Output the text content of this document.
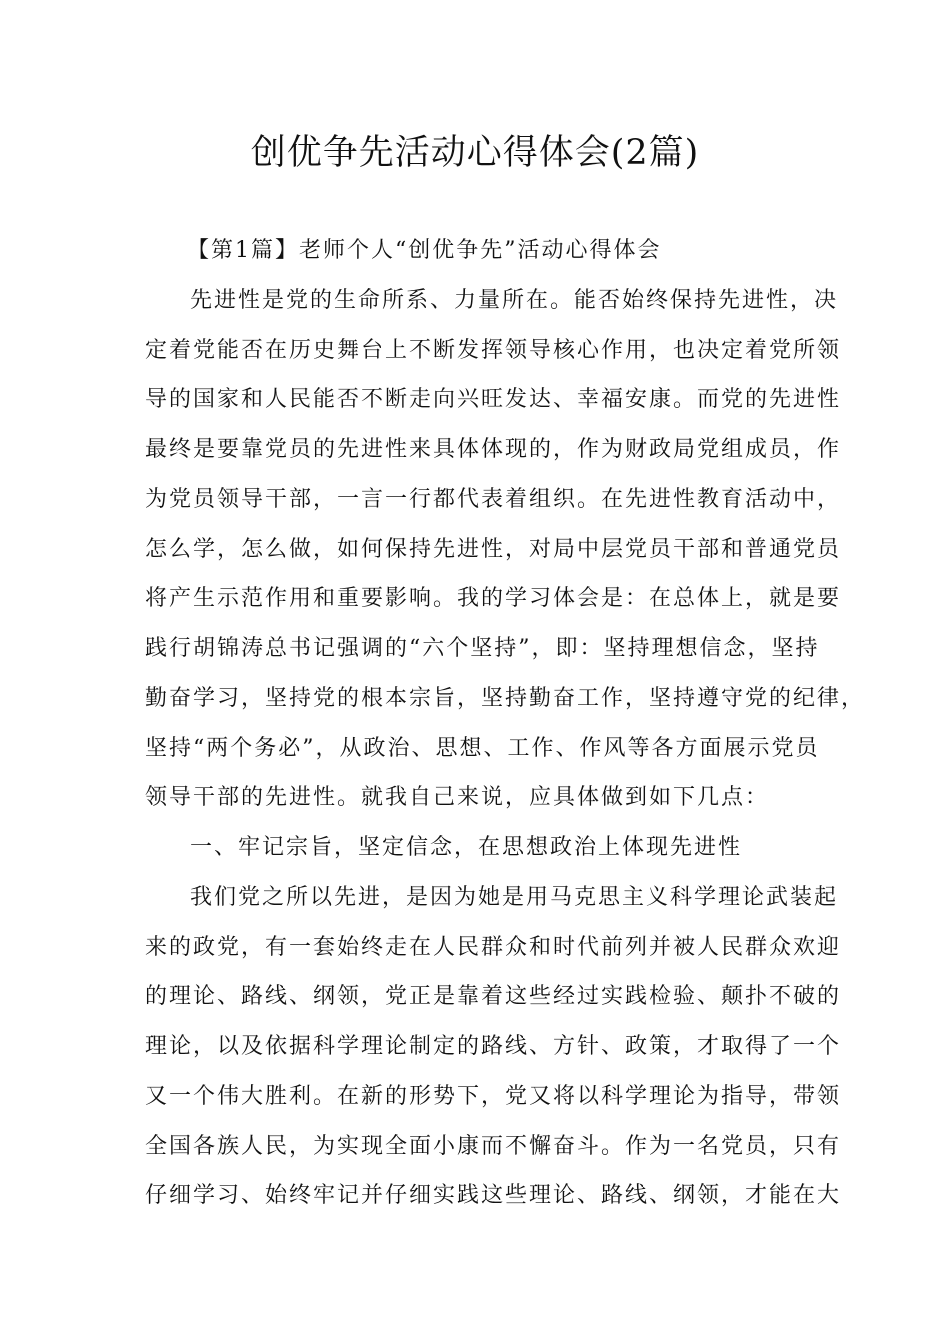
创优争先活动心得体会(2篇)

【第1篇】老师个人“创优争先”活动心得体会

先进性是党的生命所系、力量所在。能否始终保持先进性，决

定着党能否在历史舞台上不断发挥领导核心作用，也决定着党所领

导的国家和人民能否不断走向兴旺发达、幸福安康。而党的先进性

最终是要靠党员的先进性来具体体现的，作为财政局党组成员，作

为党员领导干部，一言一行都代表着组织。在先进性教育活动中，

怎么学，怎么做，如何保持先进性，对局中层党员干部和普通党员

将产生示范作用和重要影响。我的学习体会是：在总体上，就是要

践行胡锦涛总书记强调的“六个坚持”，即：坚持理想信念，坚持

勤奋学习，坚持党的根本宗旨，坚持勤奋工作，坚持遵守党的纪律，

坚持“两个务必”，从政治、思想、工作、作风等各方面展示党员

领导干部的先进性。就我自己来说，应具体做到如下几点：

一、牢记宗旨，坚定信念，在思想政治上体现先进性

我们党之所以先进，是因为她是用马克思主义科学理论武装起

来的政党，有一套始终走在人民群众和时代前列并被人民群众欢迎

的理论、路线、纲领，党正是靠着这些经过实践检验、颠扑不破的

理论，以及依据科学理论制定的路线、方针、政策，才取得了一个

又一个伟大胜利。在新的形势下，党又将以科学理论为指导，带领

全国各族人民，为实现全面小康而不懈奋斗。作为一名党员，只有

仔细学习、始终牢记并仔细实践这些理论、路线、纲领，才能在大
